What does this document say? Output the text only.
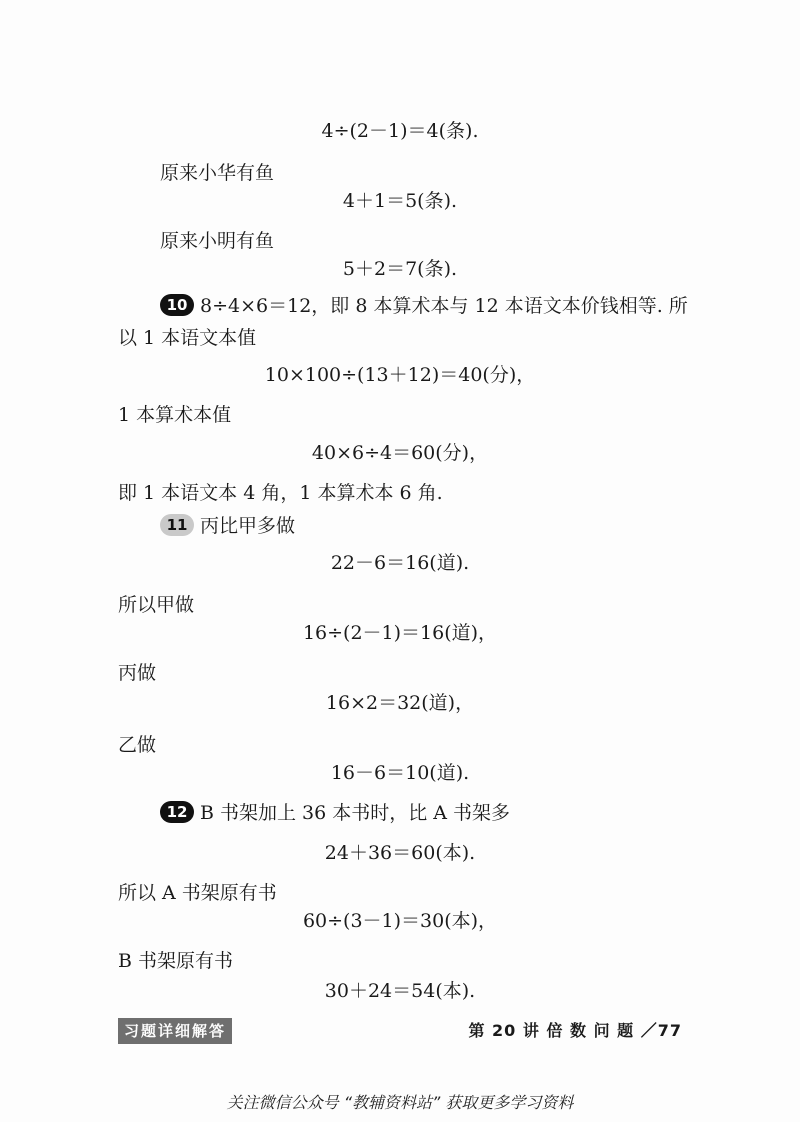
4÷(2－1)＝4(条).
原来小华有鱼
4＋1＝5(条).
原来小明有鱼
5＋2＝7(条).
10 8÷4×6＝12，即 8 本算术本与 12 本语文本价钱相等. 所
以 1 本语文本值
10×100÷(13＋12)＝40(分)，
1 本算术本值
40×6÷4＝60(分)，
即 1 本语文本 4 角，1 本算术本 6 角.
11 丙比甲多做
22－6＝16(道).
所以甲做
16÷(2－1)＝16(道)，
丙做
16×2＝32(道)，
乙做
16－6＝10(道).
12 B 书架加上 36 本书时，比 A 书架多
24＋36＝60(本).
所以 A 书架原有书
60÷(3－1)＝30(本)，
B 书架原有书
30＋24＝54(本).
习题详细解答	第 20 讲 倍 数 问 题 ／77
关注微信公众号 “教辅资料站” 获取更多学习资料
